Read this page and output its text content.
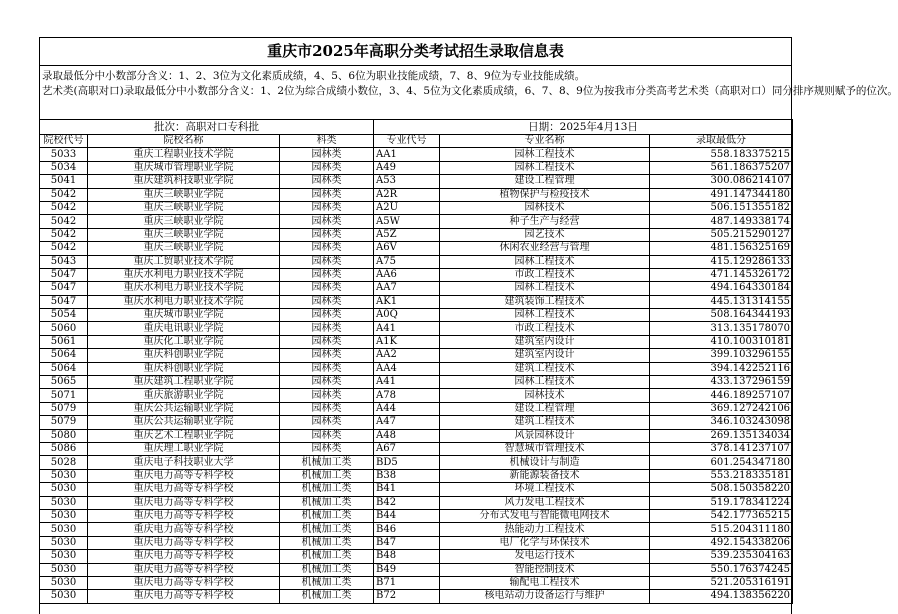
重庆市2025年高职分类考试招生录取信息表
录取最低分中小数部分含义：1、2、3位为文化素质成绩，4、5、6位为职业技能成绩，7、8、9位为专业技能成绩。
艺术类(高职对口)录取最低分中小数部分含义：1、2位为综合成绩小数位，3、4、5位为文化素质成绩，6、7、8、9位为按我市分类高考艺术类（高职对口）同分排序规则赋予的位次。
批次：高职对口专科批			日期：2025年4月13日		
院校代号	院校名称	科类	专业代号	专业名称	录取最低分
5033	重庆工程职业技术学院	园林类	AA1	园林工程技术	558.183375215
5034	重庆城市管理职业学院	园林类	A49	园林工程技术	561.186375207
5041	重庆建筑科技职业学院	园林类	A53	建设工程管理	300.086214107
5042	重庆三峡职业学院	园林类	A2R	植物保护与检疫技术	491.147344180
5042	重庆三峡职业学院	园林类	A2U	园林技术	506.151355182
5042	重庆三峡职业学院	园林类	A5W	种子生产与经营	487.149338174
5042	重庆三峡职业学院	园林类	A5Z	园艺技术	505.215290127
5042	重庆三峡职业学院	园林类	A6V	休闲农业经营与管理	481.156325169
5043	重庆工贸职业技术学院	园林类	A75	园林工程技术	415.129286133
5047	重庆水利电力职业技术学院	园林类	AA6	市政工程技术	471.145326172
5047	重庆水利电力职业技术学院	园林类	AA7	园林工程技术	494.164330184
5047	重庆水利电力职业技术学院	园林类	AK1	建筑装饰工程技术	445.131314155
5054	重庆城市职业学院	园林类	A0Q	园林工程技术	508.164344193
5060	重庆电讯职业学院	园林类	A41	市政工程技术	313.135178070
5061	重庆化工职业学院	园林类	A1K	建筑室内设计	410.100310181
5064	重庆科创职业学院	园林类	AA2	建筑室内设计	399.103296155
5064	重庆科创职业学院	园林类	AA4	建筑工程技术	394.142252116
5065	重庆建筑工程职业学院	园林类	A41	园林工程技术	433.137296159
5071	重庆旅游职业学院	园林类	A78	园林技术	446.189257107
5079	重庆公共运输职业学院	园林类	A44	建设工程管理	369.127242106
5079	重庆公共运输职业学院	园林类	A47	建筑工程技术	346.103243098
5080	重庆艺术工程职业学院	园林类	A48	风景园林设计	269.135134034
5086	重庆理工职业学院	园林类	A67	智慧城市管理技术	378.141237107
5028	重庆电子科技职业大学	机械加工类	BD5	机械设计与制造	601.254347180
5030	重庆电力高等专科学校	机械加工类	B38	新能源装备技术	553.218335181
5030	重庆电力高等专科学校	机械加工类	B41	环境工程技术	508.150358220
5030	重庆电力高等专科学校	机械加工类	B42	风力发电工程技术	519.178341224
5030	重庆电力高等专科学校	机械加工类	B44	分布式发电与智能微电网技术	542.177365215
5030	重庆电力高等专科学校	机械加工类	B46	热能动力工程技术	515.204311180
5030	重庆电力高等专科学校	机械加工类	B47	电厂化学与环保技术	492.154338206
5030	重庆电力高等专科学校	机械加工类	B48	发电运行技术	539.235304163
5030	重庆电力高等专科学校	机械加工类	B49	智能控制技术	550.176374245
5030	重庆电力高等专科学校	机械加工类	B71	输配电工程技术	521.205316191
5030	重庆电力高等专科学校	机械加工类	B72	核电站动力设备运行与维护	494.138356220
